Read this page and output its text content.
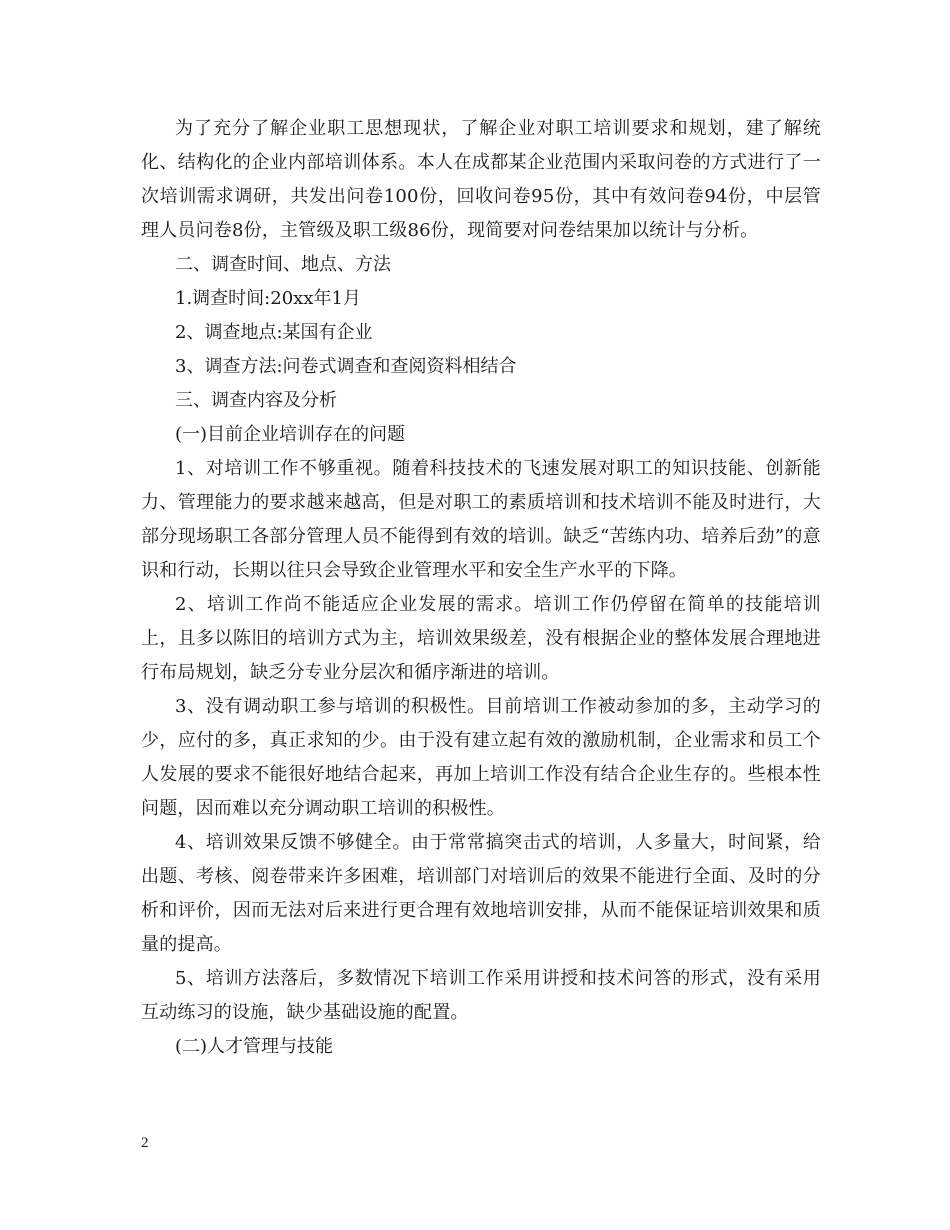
为了充分了解企业职工思想现状，了解企业对职工培训要求和规划，建了解统化、结构化的企业内部培训体系。本人在成都某企业范围内采取问卷的方式进行了一次培训需求调研，共发出问卷100份，回收问卷95份，其中有效问卷94份，中层管理人员问卷8份，主管级及职工级86份，现简要对问卷结果加以统计与分析。

二、调查时间、地点、方法

1.调查时间:20xx年1月

2、调查地点:某国有企业

3、调查方法:问卷式调查和查阅资料相结合

三、调查内容及分析

(一)目前企业培训存在的问题

1、对培训工作不够重视。随着科技技术的飞速发展对职工的知识技能、创新能力、管理能力的要求越来越高，但是对职工的素质培训和技术培训不能及时进行，大部分现场职工各部分管理人员不能得到有效的培训。缺乏“苦练内功、培养后劲”的意识和行动，长期以往只会导致企业管理水平和安全生产水平的下降。

2、培训工作尚不能适应企业发展的需求。培训工作仍停留在简单的技能培训上，且多以陈旧的培训方式为主，培训效果级差，没有根据企业的整体发展合理地进行布局规划，缺乏分专业分层次和循序渐进的培训。

3、没有调动职工参与培训的积极性。目前培训工作被动参加的多，主动学习的少，应付的多，真正求知的少。由于没有建立起有效的激励机制，企业需求和员工个人发展的要求不能很好地结合起来，再加上培训工作没有结合企业生存的。些根本性问题，因而难以充分调动职工培训的积极性。

4、培训效果反馈不够健全。由于常常搞突击式的培训，人多量大，时间紧，给出题、考核、阅卷带来许多困难，培训部门对培训后的效果不能进行全面、及时的分析和评价，因而无法对后来进行更合理有效地培训安排，从而不能保证培训效果和质量的提高。

5、培训方法落后，多数情况下培训工作采用讲授和技术问答的形式，没有采用互动练习的设施，缺少基础设施的配置。

(二)人才管理与技能

2
